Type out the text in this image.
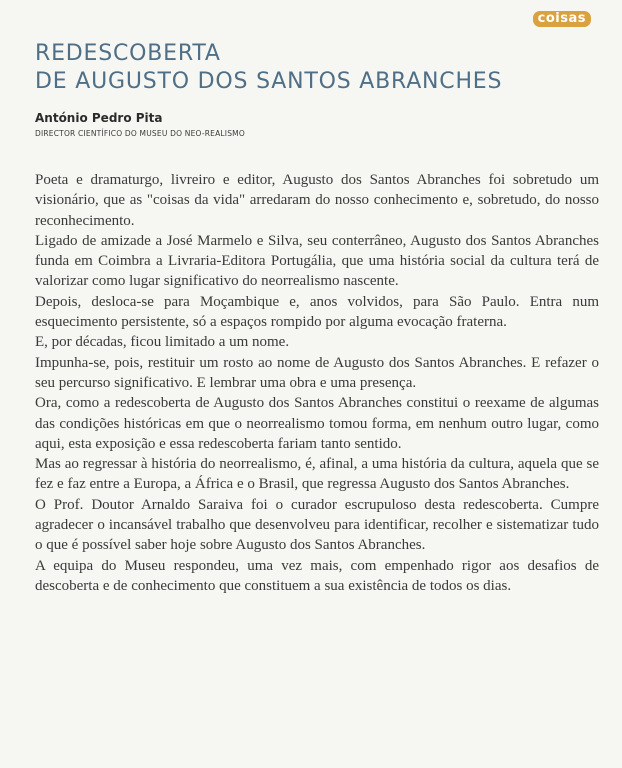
coisas
REDESCOBERTA
DE AUGUSTO DOS SANTOS ABRANCHES

António Pedro Pita

DIRECTOR CIENTÍFICO DO MUSEU DO NEO-REALISMO

Poeta e dramaturgo, livreiro e editor, Augusto dos Santos Abranches foi sobretudo um visionário, que as "coisas da vida" arredaram do nosso conhecimento e, sobretudo, do nosso reconhecimento.

Ligado de amizade a José Marmelo e Silva, seu conterrâneo, Augusto dos Santos Abranches funda em Coimbra a Livraria-Editora Portugália, que uma história social da cultura terá de valorizar como lugar significativo do neorrealismo nascente.

Depois, desloca-se para Moçambique e, anos volvidos, para São Paulo. Entra num esquecimento persistente, só a espaços rompido por alguma evocação fraterna.

E, por décadas, ficou limitado a um nome.

Impunha-se, pois, restituir um rosto ao nome de Augusto dos Santos Abranches. E refazer o seu percurso significativo. E lembrar uma obra e uma presença.

Ora, como a redescoberta de Augusto dos Santos Abranches constitui o reexame de algumas das condições históricas em que o neorrealismo tomou forma, em nenhum outro lugar, como aqui, esta exposição e essa redescoberta fariam tanto sentido.

Mas ao regressar à história do neorrealismo, é, afinal, a uma história da cultura, aquela que se fez e faz entre a Europa, a África e o Brasil, que regressa Augusto dos Santos Abranches.

O Prof. Doutor Arnaldo Saraiva foi o curador escrupuloso desta redescoberta. Cumpre agradecer o incansável trabalho que desenvolveu para identificar, recolher e sistematizar tudo o que é possível saber hoje sobre Augusto dos Santos Abranches.

A equipa do Museu respondeu, uma vez mais, com empenhado rigor aos desafios de descoberta e de conhecimento que constituem a sua existência de todos os dias.
